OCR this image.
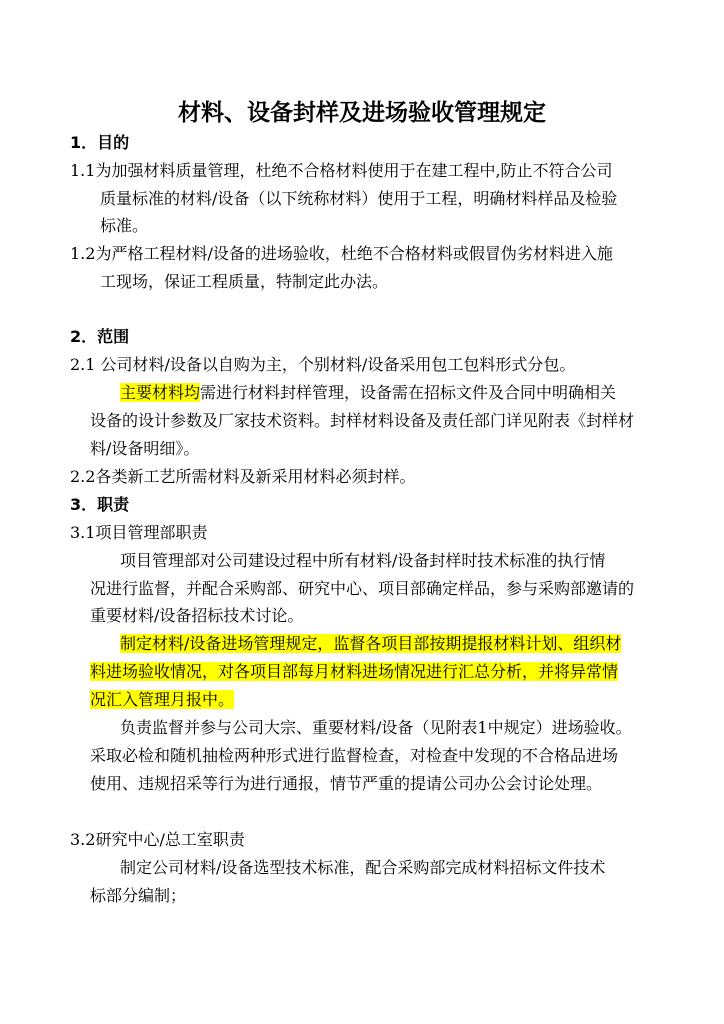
材料、设备封样及进场验收管理规定
1．目的
1.1为加强材料质量管理，杜绝不合格材料使用于在建工程中,防止不符合公司
质量标准的材料/设备（以下统称材料）使用于工程，明确材料样品及检验
标准。
1.2为严格工程材料/设备的进场验收，杜绝不合格材料或假冒伪劣材料进入施
工现场，保证工程质量，特制定此办法。
2．范围
2.1 公司材料/设备以自购为主，个别材料/设备采用包工包料形式分包。
主要材料均需进行材料封样管理，设备需在招标文件及合同中明确相关
设备的设计参数及厂家技术资料。封样材料设备及责任部门详见附表《封样材
料/设备明细》。
2.2各类新工艺所需材料及新采用材料必须封样。
3．职责
3.1项目管理部职责
项目管理部对公司建设过程中所有材料/设备封样时技术标准的执行情
况进行监督，并配合采购部、研究中心、项目部确定样品，参与采购部邀请的
重要材料/设备招标技术讨论。
制定材料/设备进场管理规定，监督各项目部按期提报材料计划、组织材
料进场验收情况，对各项目部每月材料进场情况进行汇总分析，并将异常情
况汇入管理月报中。
负责监督并参与公司大宗、重要材料/设备（见附表1中规定）进场验收。
采取必检和随机抽检两种形式进行监督检查，对检查中发现的不合格品进场
使用、违规招采等行为进行通报，情节严重的提请公司办公会讨论处理。
3.2研究中心/总工室职责
制定公司材料/设备选型技术标准，配合采购部完成材料招标文件技术
标部分编制；
